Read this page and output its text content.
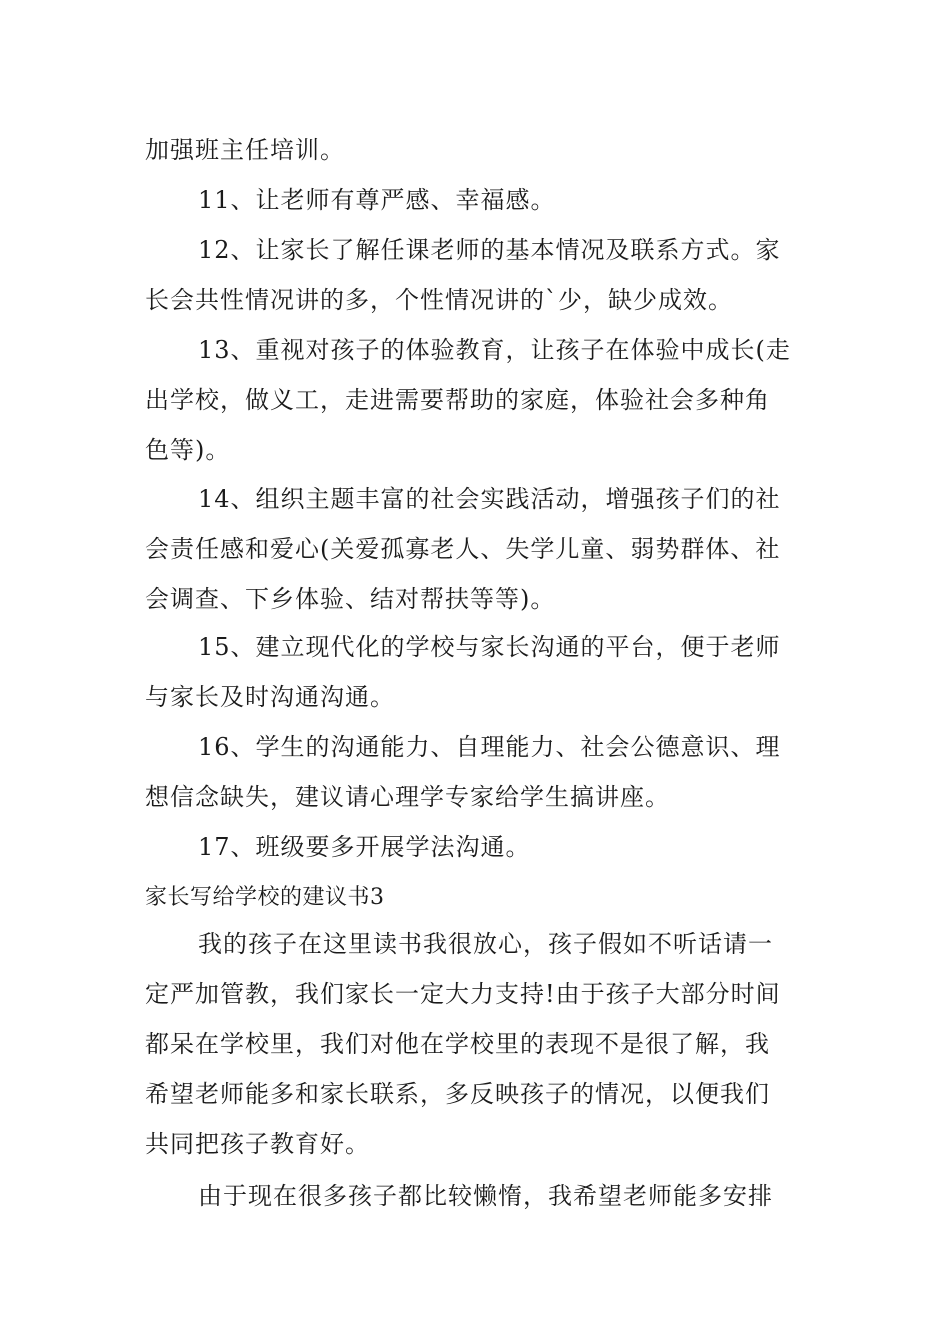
加强班主任培训。
11、让老师有尊严感、幸福感。
12、让家长了解任课老师的基本情况及联系方式。家
长会共性情况讲的多，个性情况讲的`少，缺少成效。
13、重视对孩子的体验教育，让孩子在体验中成长(走
出学校，做义工，走进需要帮助的家庭，体验社会多种角
色等)。
14、组织主题丰富的社会实践活动，增强孩子们的社
会责任感和爱心(关爱孤寡老人、失学儿童、弱势群体、社
会调查、下乡体验、结对帮扶等等)。
15、建立现代化的学校与家长沟通的平台，便于老师
与家长及时沟通沟通。
16、学生的沟通能力、自理能力、社会公德意识、理
想信念缺失，建议请心理学专家给学生搞讲座。
17、班级要多开展学法沟通。
家长写给学校的建议书3
我的孩子在这里读书我很放心，孩子假如不听话请一
定严加管教，我们家长一定大力支持!由于孩子大部分时间
都呆在学校里，我们对他在学校里的表现不是很了解，我
希望老师能多和家长联系，多反映孩子的情况，以便我们
共同把孩子教育好。
由于现在很多孩子都比较懒惰，我希望老师能多安排
